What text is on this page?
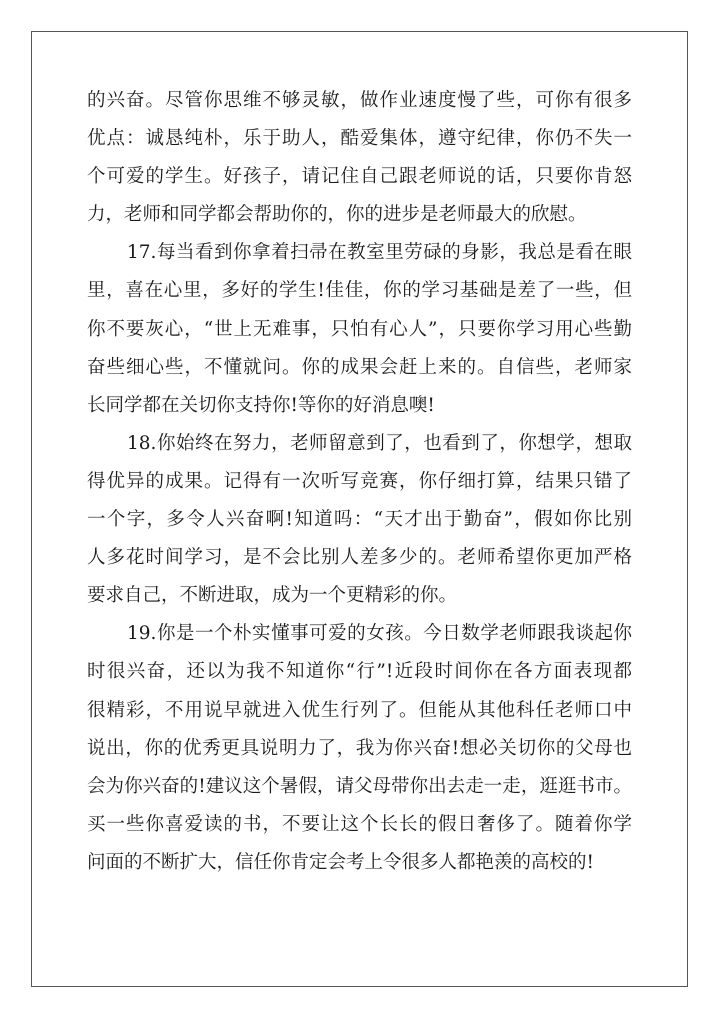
的兴奋。尽管你思维不够灵敏，做作业速度慢了些，可你有很多
优点：诚恳纯朴，乐于助人，酷爱集体，遵守纪律，你仍不失一
个可爱的学生。好孩子，请记住自己跟老师说的话，只要你肯怒
力，老师和同学都会帮助你的，你的进步是老师最大的欣慰。
17.每当看到你拿着扫帚在教室里劳碌的身影，我总是看在眼
里，喜在心里，多好的学生!佳佳，你的学习基础是差了一些，但
你不要灰心，“世上无难事，只怕有心人”，只要你学习用心些勤
奋些细心些，不懂就问。你的成果会赶上来的。自信些，老师家
长同学都在关切你支持你!等你的好消息噢!
18.你始终在努力，老师留意到了，也看到了，你想学，想取
得优异的成果。记得有一次听写竞赛，你仔细打算，结果只错了
一个字，多令人兴奋啊!知道吗：“天才出于勤奋”，假如你比别
人多花时间学习，是不会比别人差多少的。老师希望你更加严格
要求自己，不断进取，成为一个更精彩的你。
19.你是一个朴实懂事可爱的女孩。今日数学老师跟我谈起你
时很兴奋，还以为我不知道你“行”!近段时间你在各方面表现都
很精彩，不用说早就进入优生行列了。但能从其他科任老师口中
说出，你的优秀更具说明力了，我为你兴奋!想必关切你的父母也
会为你兴奋的!建议这个暑假，请父母带你出去走一走，逛逛书市。
买一些你喜爱读的书，不要让这个长长的假日奢侈了。随着你学
问面的不断扩大，信任你肯定会考上令很多人都艳羡的高校的!
